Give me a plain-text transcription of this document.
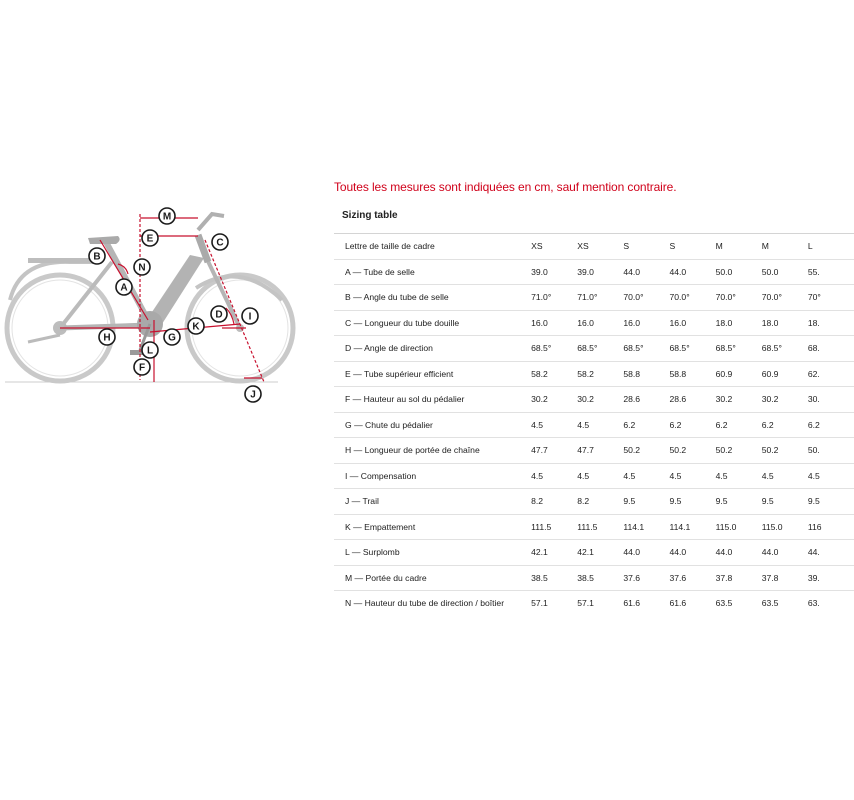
A
B
C
D
E
F
G
H
I
J
K
L
M
N
Toutes les mesures sont indiquées en cm, sauf mention contraire.
Sizing table
Lettre de taille de cadre	XS	XS	S	S	M	M	L
A — Tube de selle	39.0	39.0	44.0	44.0	50.0	50.0	55.
B — Angle du tube de selle	71.0°	71.0°	70.0°	70.0°	70.0°	70.0°	70°
C — Longueur du tube douille	16.0	16.0	16.0	16.0	18.0	18.0	18.
D — Angle de direction	68.5°	68.5°	68.5°	68.5°	68.5°	68.5°	68.
E — Tube supérieur efficient	58.2	58.2	58.8	58.8	60.9	60.9	62.
F — Hauteur au sol du pédalier	30.2	30.2	28.6	28.6	30.2	30.2	30.
G — Chute du pédalier	4.5	4.5	6.2	6.2	6.2	6.2	6.2
H — Longueur de portée de chaîne	47.7	47.7	50.2	50.2	50.2	50.2	50.
I — Compensation	4.5	4.5	4.5	4.5	4.5	4.5	4.5
J — Trail	8.2	8.2	9.5	9.5	9.5	9.5	9.5
K — Empattement	111.5	111.5	114.1	114.1	115.0	115.0	116
L — Surplomb	42.1	42.1	44.0	44.0	44.0	44.0	44.
M — Portée du cadre	38.5	38.5	37.6	37.6	37.8	37.8	39.
N — Hauteur du tube de direction / boîtier	57.1	57.1	61.6	61.6	63.5	63.5	63.
